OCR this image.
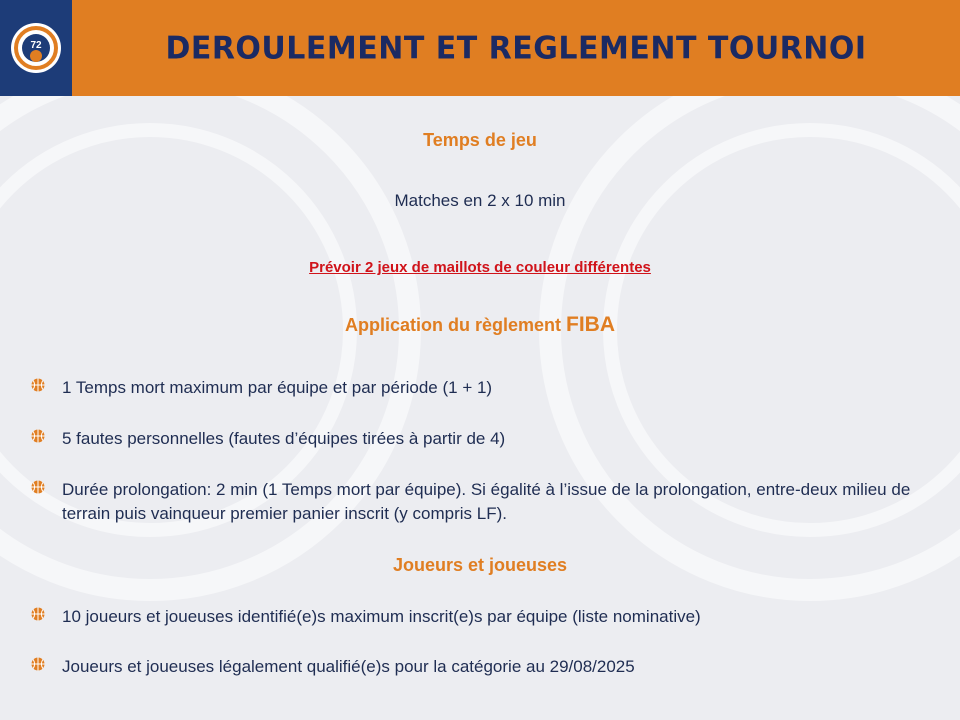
72	DEROULEMENT ET REGLEMENT TOURNOI

Temps de jeu

Matches en 2 x 10 min

Prévoir 2 jeux de maillots de couleur différentes

Application du règlement FIBA

1 Temps mort maximum par équipe et par période (1 + 1)
5 fautes personnelles (fautes d’équipes tirées à partir de 4)
Durée prolongation: 2 min (1 Temps mort par équipe). Si égalité à l’issue de la prolongation, entre-deux milieu de terrain puis vainqueur premier panier inscrit (y compris LF).

Joueurs et joueuses

10 joueurs et joueuses identifié(e)s maximum inscrit(e)s par équipe (liste nominative)
Joueurs et joueuses légalement qualifié(e)s pour la catégorie au 29/08/2025
